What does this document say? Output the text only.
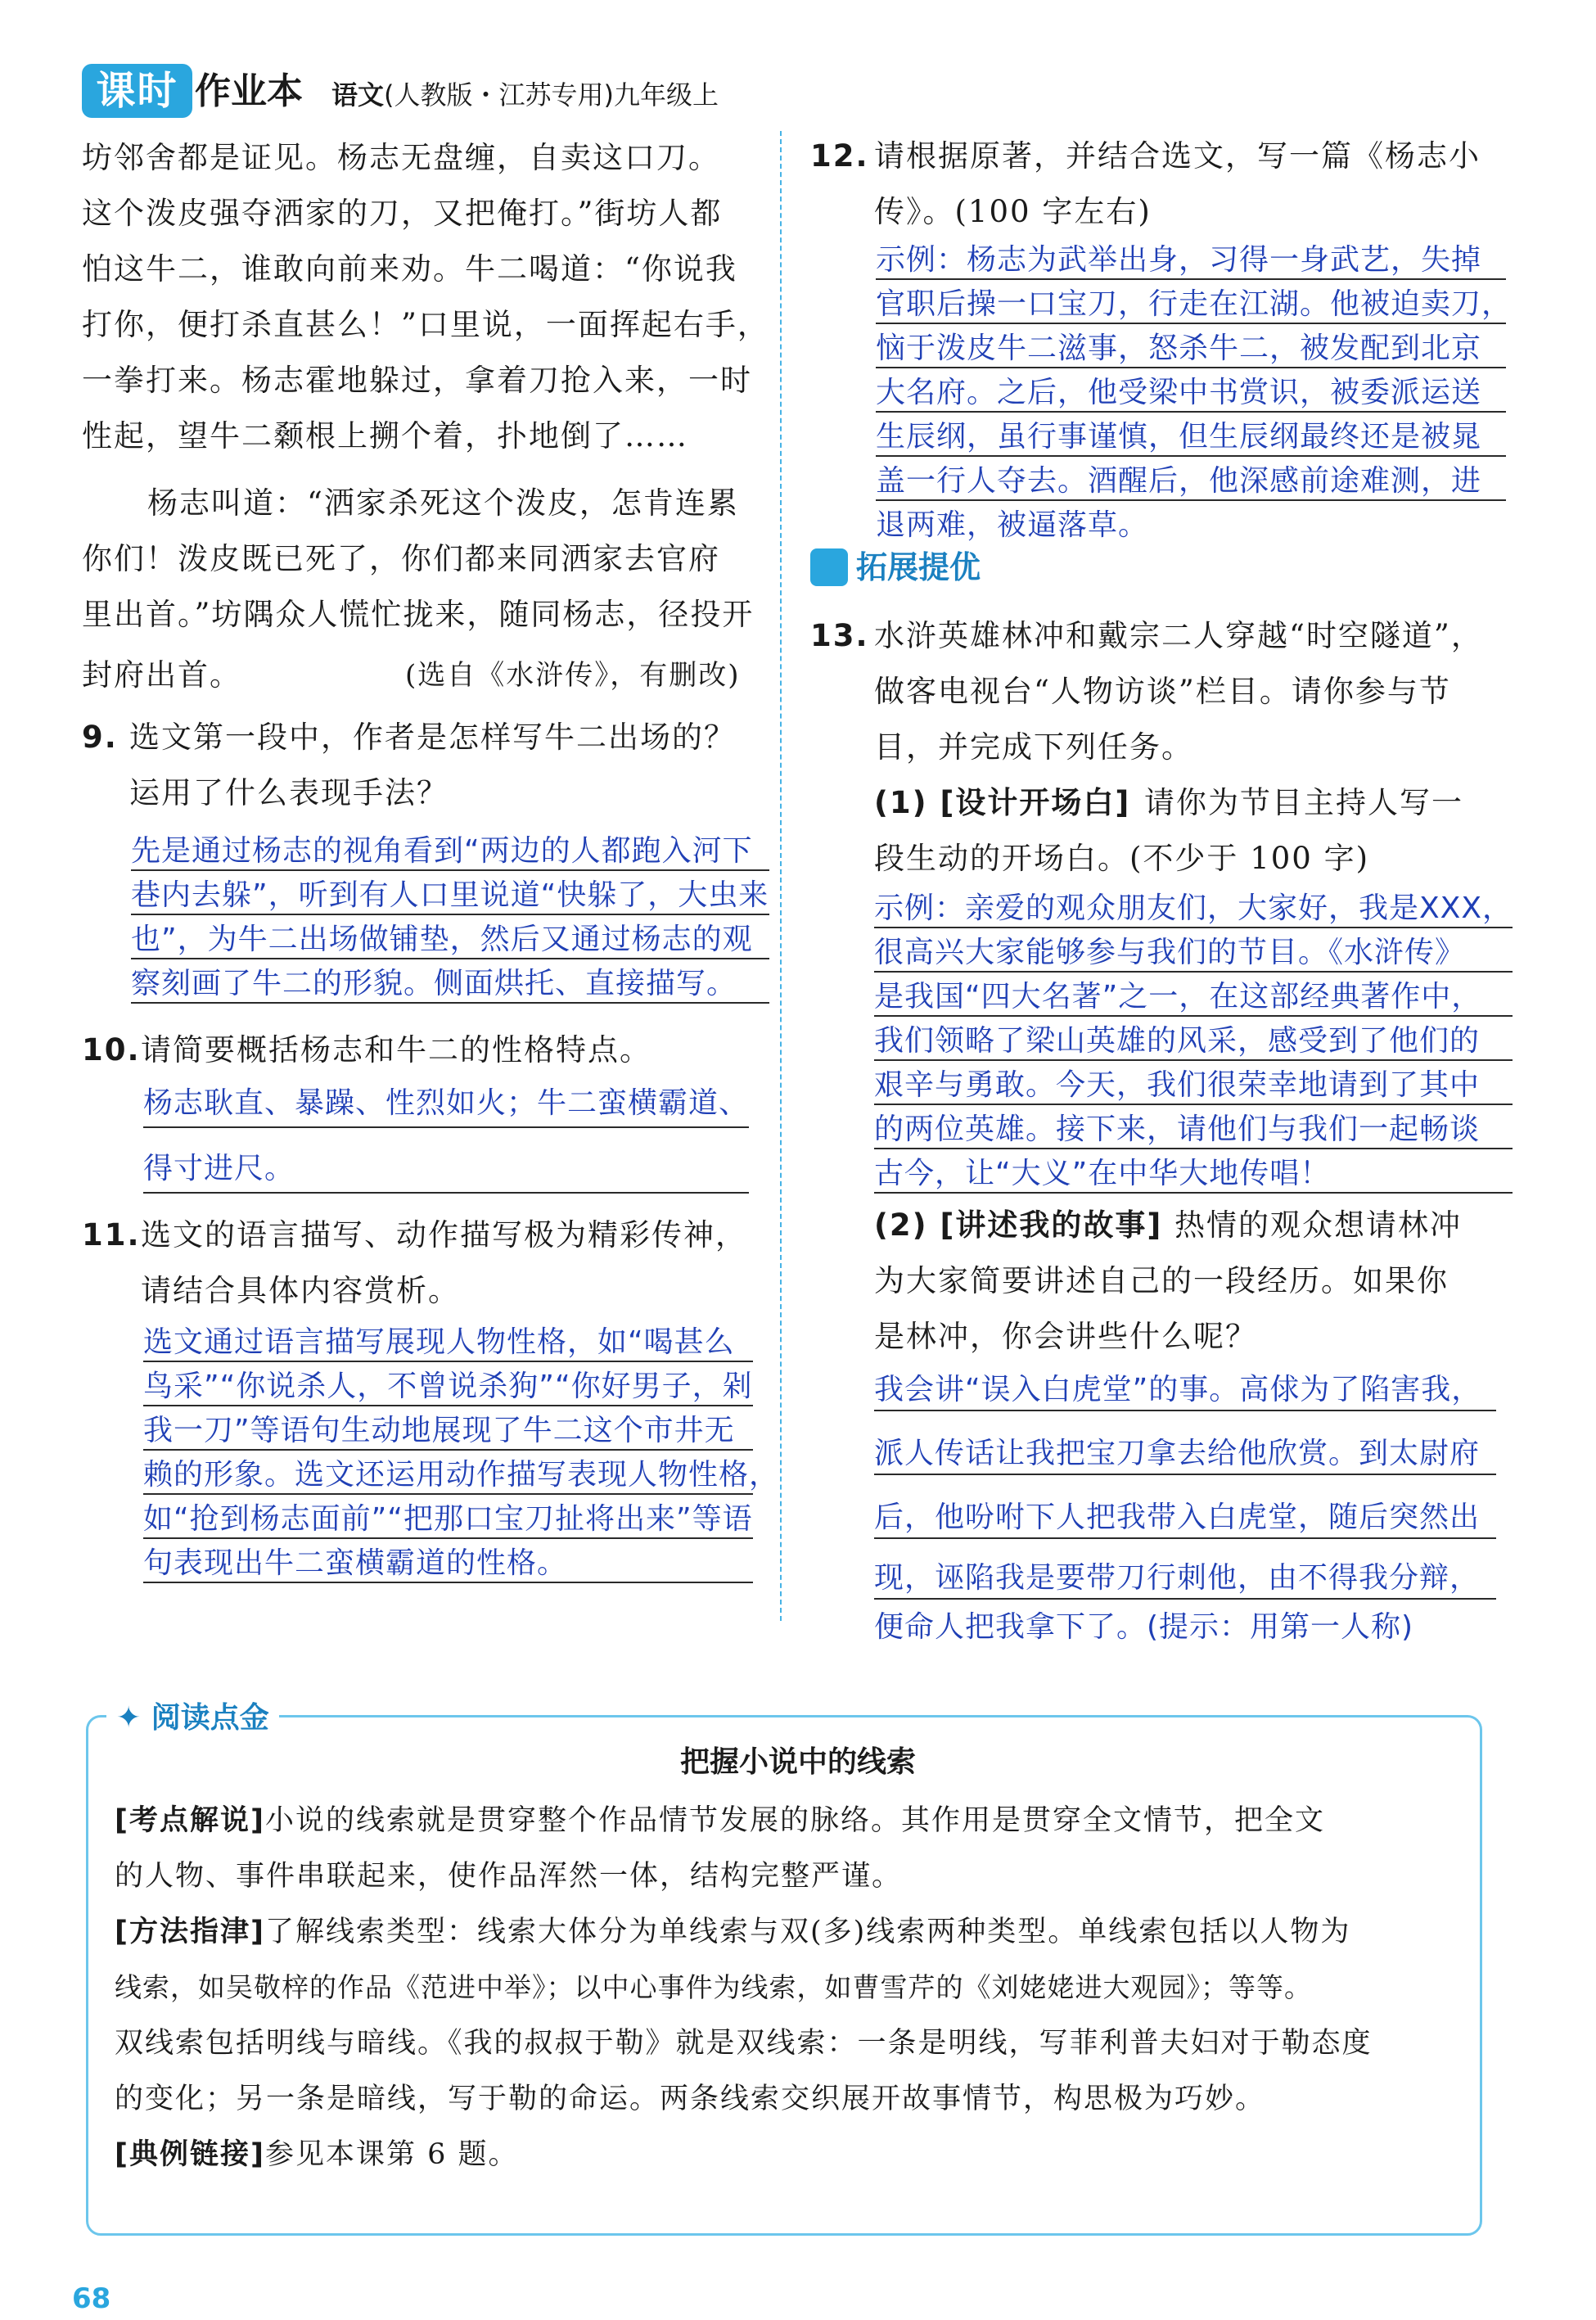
课时 作业本 语文(人教版・江苏专用)九年级上
坊邻舍都是证见。杨志无盘缠，自卖这口刀。
这个泼皮强夺洒家的刀，又把俺打。”街坊人都
怕这牛二，谁敢向前来劝。牛二喝道：“你说我
打你，便打杀直甚么！”口里说，一面挥起右手，
一拳打来。杨志霍地躲过，拿着刀抢入来，一时
性起，望牛二颡根上搠个着，扑地倒了……
杨志叫道：“洒家杀死这个泼皮，怎肯连累
你们！泼皮既已死了，你们都来同洒家去官府
里出首。”坊隅众人慌忙拢来，随同杨志，径投开
封府出首。	(选自《水浒传》，有删改)
9. 选文第一段中，作者是怎样写牛二出场的？
运用了什么表现手法？
先是通过杨志的视角看到“两边的人都跑入河下
巷内去躲”，听到有人口里说道“快躲了，大虫来
也”，为牛二出场做铺垫，然后又通过杨志的观
察刻画了牛二的形貌。侧面烘托、直接描写。
10. 请简要概括杨志和牛二的性格特点。
杨志耿直、暴躁、性烈如火；牛二蛮横霸道、
得寸进尺。
11. 选文的语言描写、动作描写极为精彩传神，
请结合具体内容赏析。
选文通过语言描写展现人物性格，如“喝甚么
鸟采”“你说杀人，不曾说杀狗”“你好男子，剁
我一刀”等语句生动地展现了牛二这个市井无
赖的形象。选文还运用动作描写表现人物性格，
如“抢到杨志面前”“把那口宝刀扯将出来”等语
句表现出牛二蛮横霸道的性格。
12. 请根据原著，并结合选文，写一篇《杨志小
传》。(100 字左右)
示例：杨志为武举出身，习得一身武艺，失掉
官职后操一口宝刀，行走在江湖。他被迫卖刀，
恼于泼皮牛二滋事，怒杀牛二，被发配到北京
大名府。之后，他受梁中书赏识，被委派运送
生辰纲，虽行事谨慎，但生辰纲最终还是被晁
盖一行人夺去。酒醒后，他深感前途难测，进
退两难，被逼落草。
拓展提优
13. 水浒英雄林冲和戴宗二人穿越“时空隧道”，
做客电视台“人物访谈”栏目。请你参与节
目，并完成下列任务。
(1) [设计开场白] 请你为节目主持人写一
段生动的开场白。(不少于 100 字)
示例：亲爱的观众朋友们，大家好，我是XXX，
很高兴大家能够参与我们的节目。《水浒传》
是我国“四大名著”之一，在这部经典著作中，
我们领略了梁山英雄的风采，感受到了他们的
艰辛与勇敢。今天，我们很荣幸地请到了其中
的两位英雄。接下来，请他们与我们一起畅谈
古今，让“大义”在中华大地传唱！
(2) [讲述我的故事] 热情的观众想请林冲
为大家简要讲述自己的一段经历。如果你
是林冲，你会讲些什么呢？
我会讲“误入白虎堂”的事。高俅为了陷害我，
派人传话让我把宝刀拿去给他欣赏。到太尉府
后，他吩咐下人把我带入白虎堂，随后突然出
现，诬陷我是要带刀行刺他，由不得我分辩，
便命人把我拿下了。(提示：用第一人称)
✦ 阅读点金
把握小说中的线索
[考点解说]小说的线索就是贯穿整个作品情节发展的脉络。其作用是贯穿全文情节，把全文
的人物、事件串联起来，使作品浑然一体，结构完整严谨。
[方法指津]了解线索类型：线索大体分为单线索与双(多)线索两种类型。单线索包括以人物为
线索，如吴敬梓的作品《范进中举》；以中心事件为线索，如曹雪芹的《刘姥姥进大观园》；等等。
双线索包括明线与暗线。《我的叔叔于勒》就是双线索：一条是明线，写菲利普夫妇对于勒态度
的变化；另一条是暗线，写于勒的命运。两条线索交织展开故事情节，构思极为巧妙。
[典例链接]参见本课第 6 题。
68
